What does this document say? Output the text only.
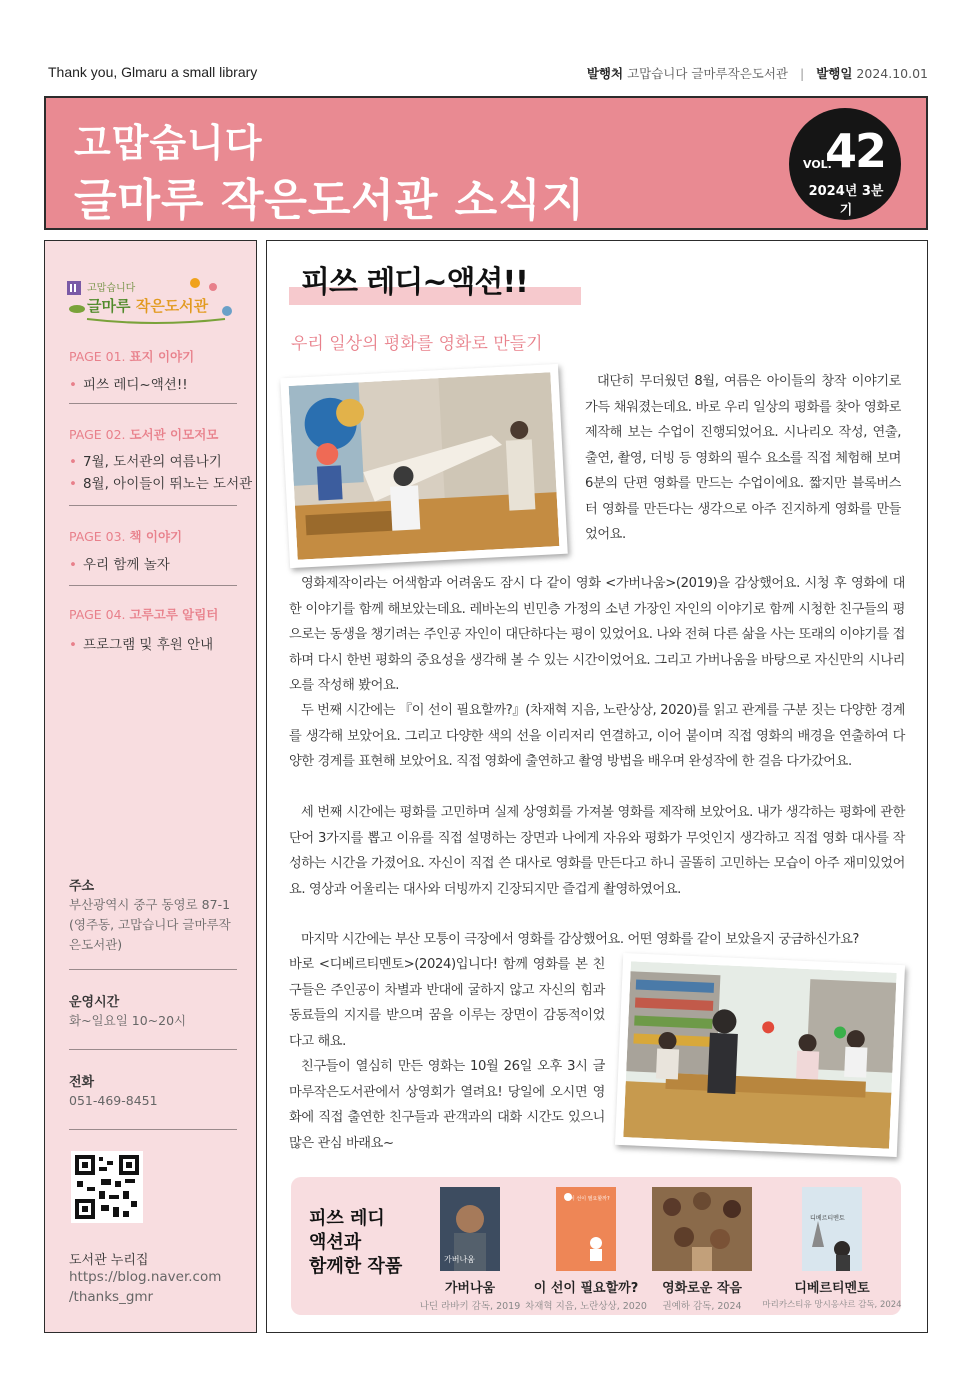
Thank you, Glmaru a small library	발행처 고맙습니다 글마루작은도서관 | 발행일 2024.10.01
고맙습니다
글마루 작은도서관 소식지
VOL.
42
2024년 3분기
고맙습니다
글마루 작은도서관
PAGE 01. 표지 이야기
• 피쓰 레디~액션!!
PAGE 02. 도서관 이모저모
• 7월, 도서관의 여름나기
• 8월, 아이들이 뛰노는 도서관
PAGE 03. 책 이야기
• 우리 함께 놀자
PAGE 04. 고루고루 알림터
• 프로그램 및 후원 안내
주소
부산광역시 중구 동영로 87-1 (영주동, 고맙습니다 글마루작은도서관)
운영시간
화~일요일 10~20시
전화
051-469-8451
도서관 누리집
https://blog.naver.com /thanks_gmr
피쓰 레디~액션!!
우리 일상의 평화를 영화로 만들기
대단히 무더웠던 8월, 여름은 아이들의 창작 이야기로 가득 채워졌는데요. 바로 우리 일상의 평화를 찾아 영화로 제작해 보는 수업이 진행되었어요. 시나리오 작성, 연출, 출연, 촬영, 더빙 등 영화의 필수 요소를 직접 체험해 보며 6분의 단편 영화를 만드는 수업이에요. 짧지만 블록버스터 영화를 만든다는 생각으로 아주 진지하게 영화를 만들었어요.
영화제작이라는 어색함과 어려움도 잠시 다 같이 영화 <가버나움>(2019)을 감상했어요. 시청 후 영화에 대한 이야기를 함께 해보았는데요. 레바논의 빈민층 가정의 소년 가장인 자인의 이야기로 함께 시청한 친구들의 평으로는 동생을 챙기려는 주인공 자인이 대단하다는 평이 있었어요. 나와 전혀 다른 삶을 사는 또래의 이야기를 접하며 다시 한번 평화의 중요성을 생각해 볼 수 있는 시간이었어요. 그리고 가버나움을 바탕으로 자신만의 시나리오를 작성해 봤어요.
두 번째 시간에는 『이 선이 필요할까?』(차재혁 지음, 노란상상, 2020)를 읽고 관계를 구분 짓는 다양한 경계를 생각해 보았어요. 그리고 다양한 색의 선을 이리저리 연결하고, 이어 붙이며 직접 영화의 배경을 연출하여 다양한 경계를 표현해 보았어요. 직접 영화에 출연하고 촬영 방법을 배우며 완성작에 한 걸음 다가갔어요.
세 번째 시간에는 평화를 고민하며 실제 상영회를 가져볼 영화를 제작해 보았어요. 내가 생각하는 평화에 관한 단어 3가지를 뽑고 이유를 직접 설명하는 장면과 나에게 자유와 평화가 무엇인지 생각하고 직접 영화 대사를 작성하는 시간을 가졌어요. 자신이 직접 쓴 대사로 영화를 만든다고 하니 골똘히 고민하는 모습이 아주 재미있었어요. 영상과 어울리는 대사와 더빙까지 긴장되지만 즐겁게 촬영하였어요.
마지막 시간에는 부산 모퉁이 극장에서 영화를 감상했어요. 어떤 영화를 같이 보았을지 궁금하신가요?
바로 <디베르티멘토>(2024)입니다! 함께 영화를 본 친구들은 주인공이 차별과 반대에 굴하지 않고 자신의 힘과 동료들의 지지를 받으며 꿈을 이루는 장면이 감동적이었다고 해요.
친구들이 열심히 만든 영화는 10월 26일 오후 3시 글마루작은도서관에서 상영회가 열려요! 당일에 오시면 영화에 직접 출연한 친구들과 관객과의 대화 시간도 있으니 많은 관심 바래요~
피쓰 레디
액션과
함께한 작품	가버나움
가버나움
나딘 라바키 감독, 2019
이 선이 필요할까?
이 선이 필요할까?
차재혁 지음, 노란상상, 2020
영화로운 작음
권예하 감독, 2024
디베르티멘토
디베르티멘토
마리카스티유 망시옹샤르 감독, 2024
